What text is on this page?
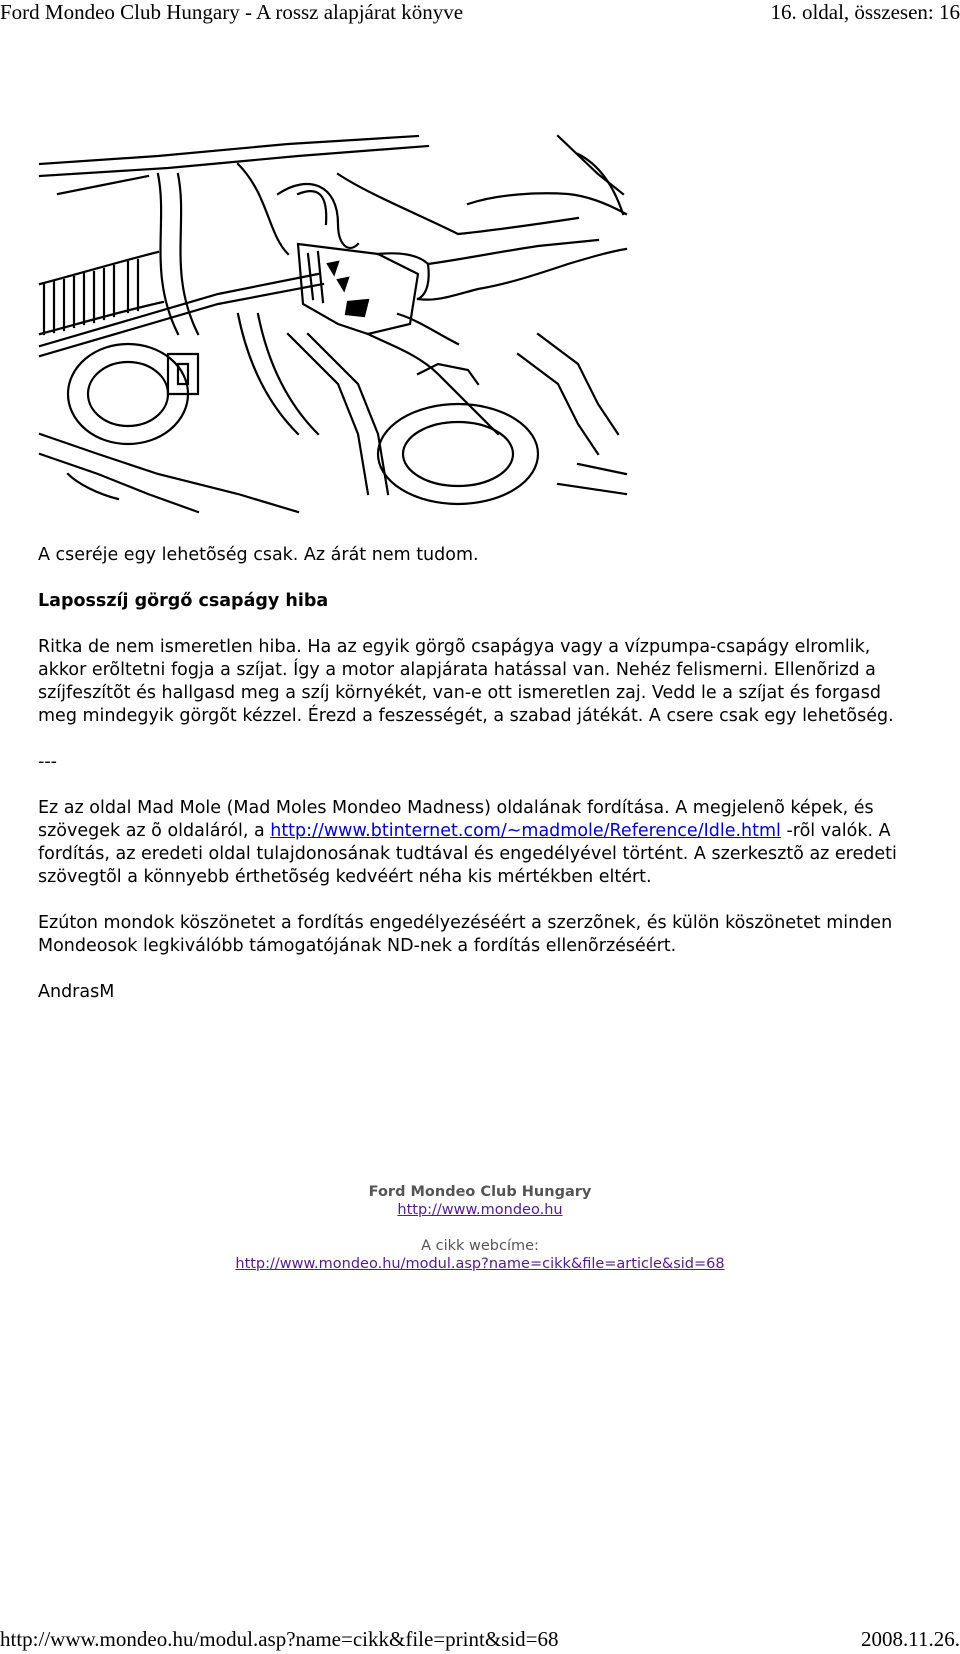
Ford Mondeo Club Hungary - A rossz alapjárat könyve	16. oldal, összesen: 16

A cseréje egy lehetõség csak. Az árát nem tudom.

Laposszíj görgő csapágy hiba

Ritka de nem ismeretlen hiba. Ha az egyik görgõ csapágya vagy a vízpumpa-csapágy elromlik, akkor erõltetni fogja a szíjat. Így a motor alapjárata hatással van. Nehéz felismerni. Ellenõrizd a szíjfeszítõt és hallgasd meg a szíj környékét, van-e ott ismeretlen zaj. Vedd le a szíjat és forgasd meg mindegyik görgõt kézzel. Érezd a feszességét, a szabad játékát. A csere csak egy lehetõség.

---

Ez az oldal Mad Mole (Mad Moles Mondeo Madness) oldalának fordítása. A megjelenõ képek, és szövegek az õ oldaláról, a http://www.btinternet.com/~madmole/Reference/Idle.html -rõl valók. A fordítás, az eredeti oldal tulajdonosának tudtával és engedélyével történt. A szerkesztõ az eredeti szövegtõl a könnyebb érthetõség kedvéért néha kis mértékben eltért.

Ezúton mondok köszönetet a fordítás engedélyezéséért a szerzõnek, és külön köszönetet minden Mondeosok legkiválóbb támogatójának ND-nek a fordítás ellenõrzéséért.

AndrasM

Ford Mondeo Club Hungary
http://www.mondeo.hu
A cikk webcíme:
http://www.mondeo.hu/modul.asp?name=cikk&file=article&sid=68
http://www.mondeo.hu/modul.asp?name=cikk&file=print&sid=68	2008.11.26.
